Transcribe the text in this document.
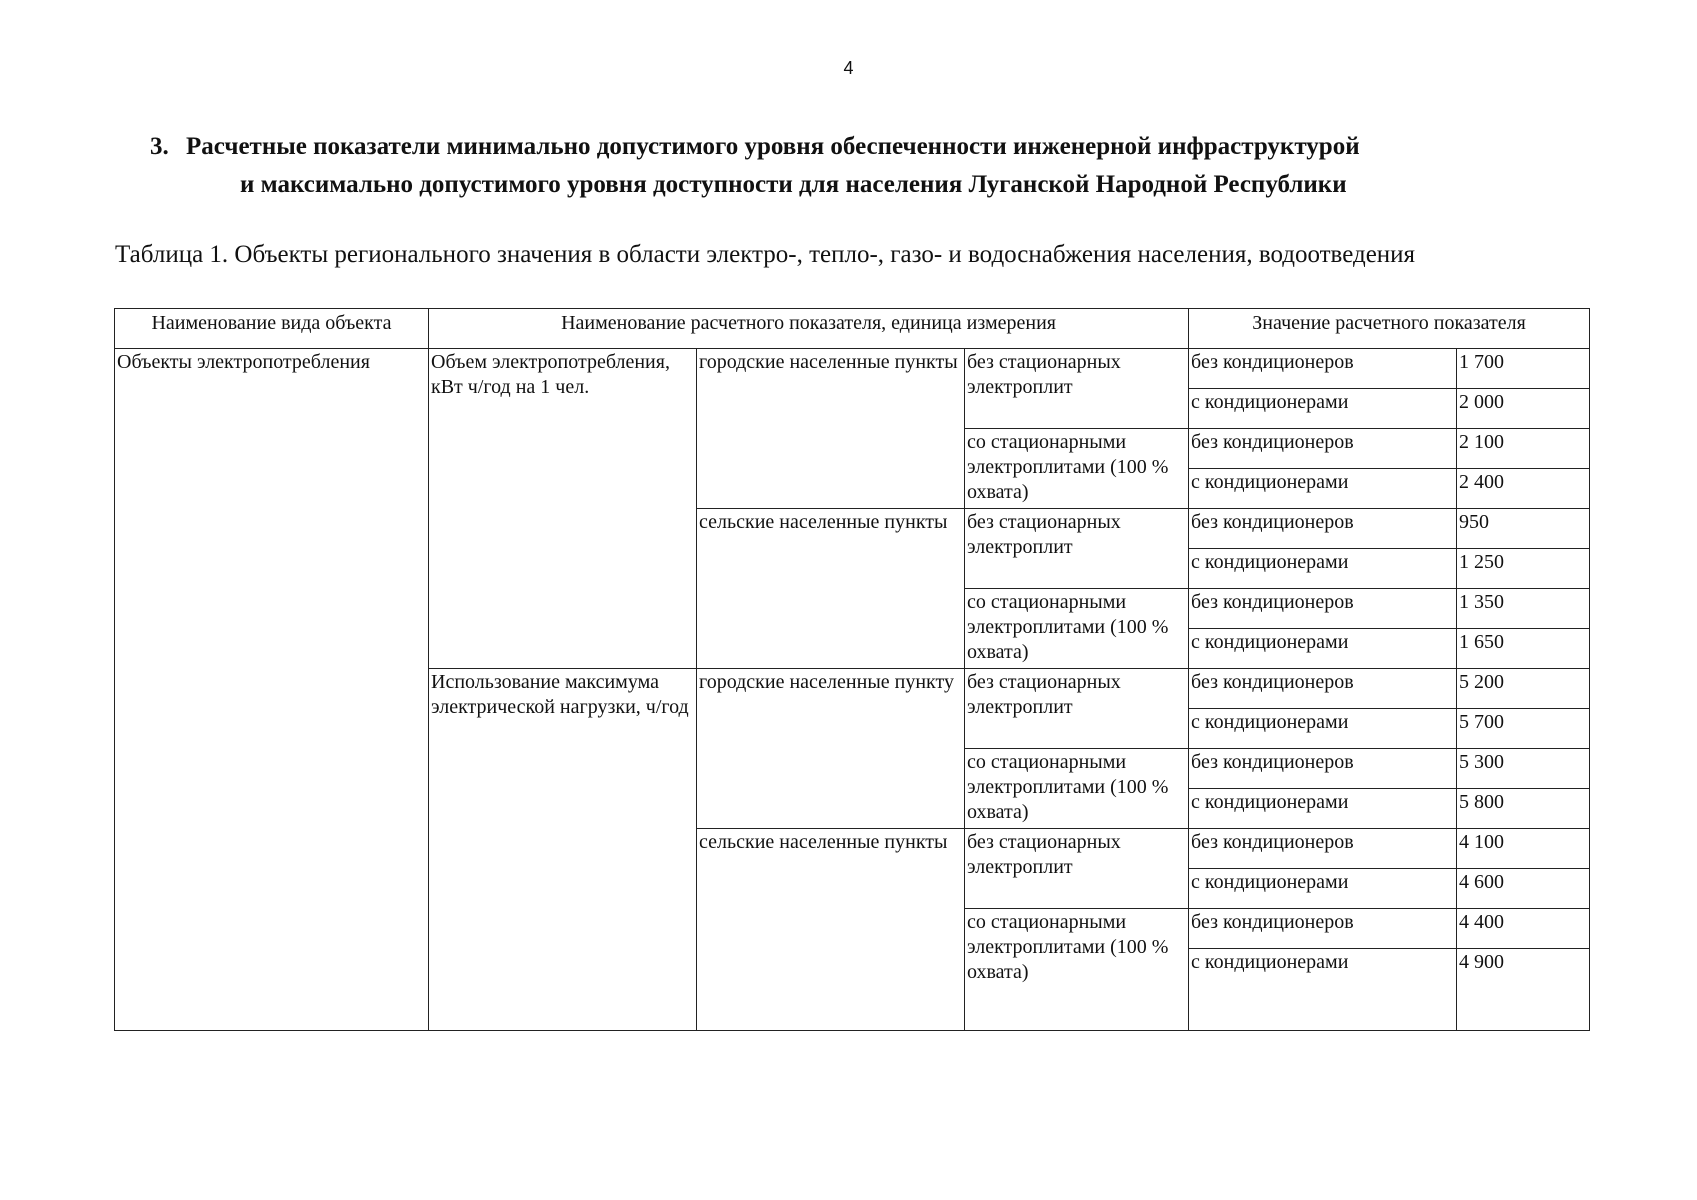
4
3. Расчетные показатели минимально допустимого уровня обеспеченности инженерной инфраструктурой
и максимально допустимого уровня доступности для населения Луганской Народной Республики
Таблица 1. Объекты регионального значения в области электро-, тепло-, газо- и водоснабжения населения, водоотведения
Наименование вида объекта	Наименование расчетного показателя, единица измерения			Значение расчетного показателя	
Объекты электропотребления	Объем электропотребления, кВт ч/год на 1 чел.	городские населенные пункты	без стационарных электроплит	без кондиционеров	1 700
				с кондиционерами	2 000
			со стационарными электроплитами (100 % охвата)	без кондиционеров	2 100
				с кондиционерами	2 400
		сельские населенные пункты	без стационарных электроплит	без кондиционеров	950
				с кондиционерами	1 250
			со стационарными электроплитами (100 % охвата)	без кондиционеров	1 350
				с кондиционерами	1 650
	Использование максимума электрической нагрузки, ч/год	городские населенные пункту	без стационарных электроплит	без кондиционеров	5 200
				с кондиционерами	5 700
			со стационарными электроплитами (100 % охвата)	без кондиционеров	5 300
				с кондиционерами	5 800
		сельские населенные пункты	без стационарных электроплит	без кондиционеров	4 100
				с кондиционерами	4 600
			со стационарными электроплитами (100 % охвата)	без кондиционеров	4 400
				с кондиционерами	4 900
